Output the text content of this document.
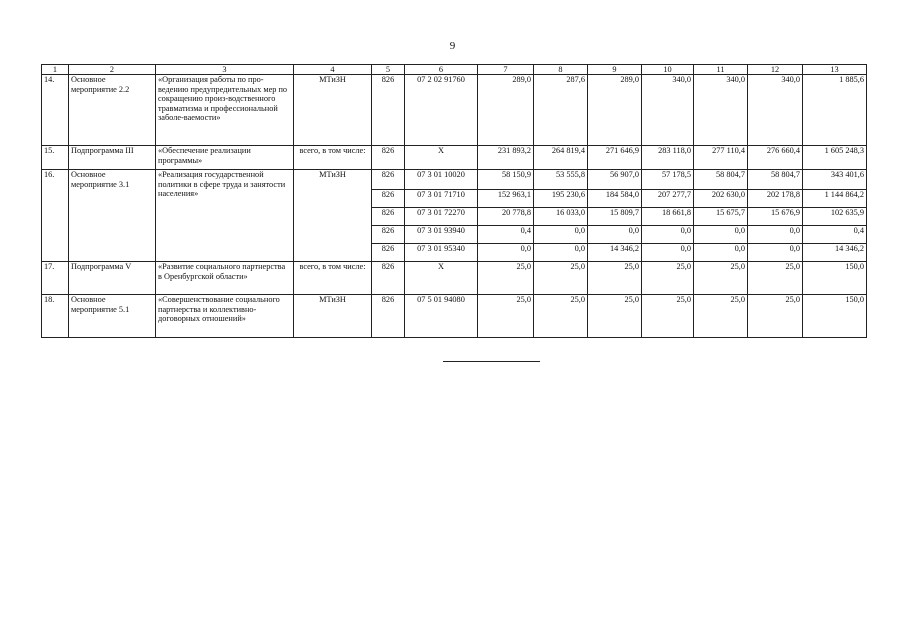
9
1	2	3	4	5	6	7	8	9	10	11	12	13
14.	Основное мероприятие 2.2	«Организация работы по про-ведению предупредительных мер по сокращению произ-водственного травматизма и профессиональной заболе-ваемости»	МТиЗН	826	07 2 02 91760	289,0	287,6	289,0	340,0	340,0	340,0	1 885,6
15.	Подпрограмма III	«Обеспечение реализации программы»	всего, в том числе:	826	X	231 893,2	264 819,4	271 646,9	283 118,0	277 110,4	276 660,4	1 605 248,3
16.	Основное мероприятие 3.1	«Реализация государственной политики в сфере труда и занятости населения»	МТиЗН	826	07 3 01 10020	58 150,9	53 555,8	56 907,0	57 178,5	58 804,7	58 804,7	343 401,6
				826	07 3 01 71710	152 963,1	195 230,6	184 584,0	207 277,7	202 630,0	202 178,8	1 144 864,2
				826	07 3 01 72270	20 778,8	16 033,0	15 809,7	18 661,8	15 675,7	15 676,9	102 635,9
				826	07 3 01 93940	0,4	0,0	0,0	0,0	0,0	0,0	0,4
				826	07 3 01 95340	0,0	0,0	14 346,2	0,0	0,0	0,0	14 346,2
17.	Подпрограмма V	«Развитие социального партнерства в Оренбургской области»	всего, в том числе:	826	X	25,0	25,0	25,0	25,0	25,0	25,0	150,0
18.	Основное мероприятие 5.1	«Совершенствование социального партнерства и коллективно-договорных отношений»	МТиЗН	826	07 5 01 94080	25,0	25,0	25,0	25,0	25,0	25,0	150,0
